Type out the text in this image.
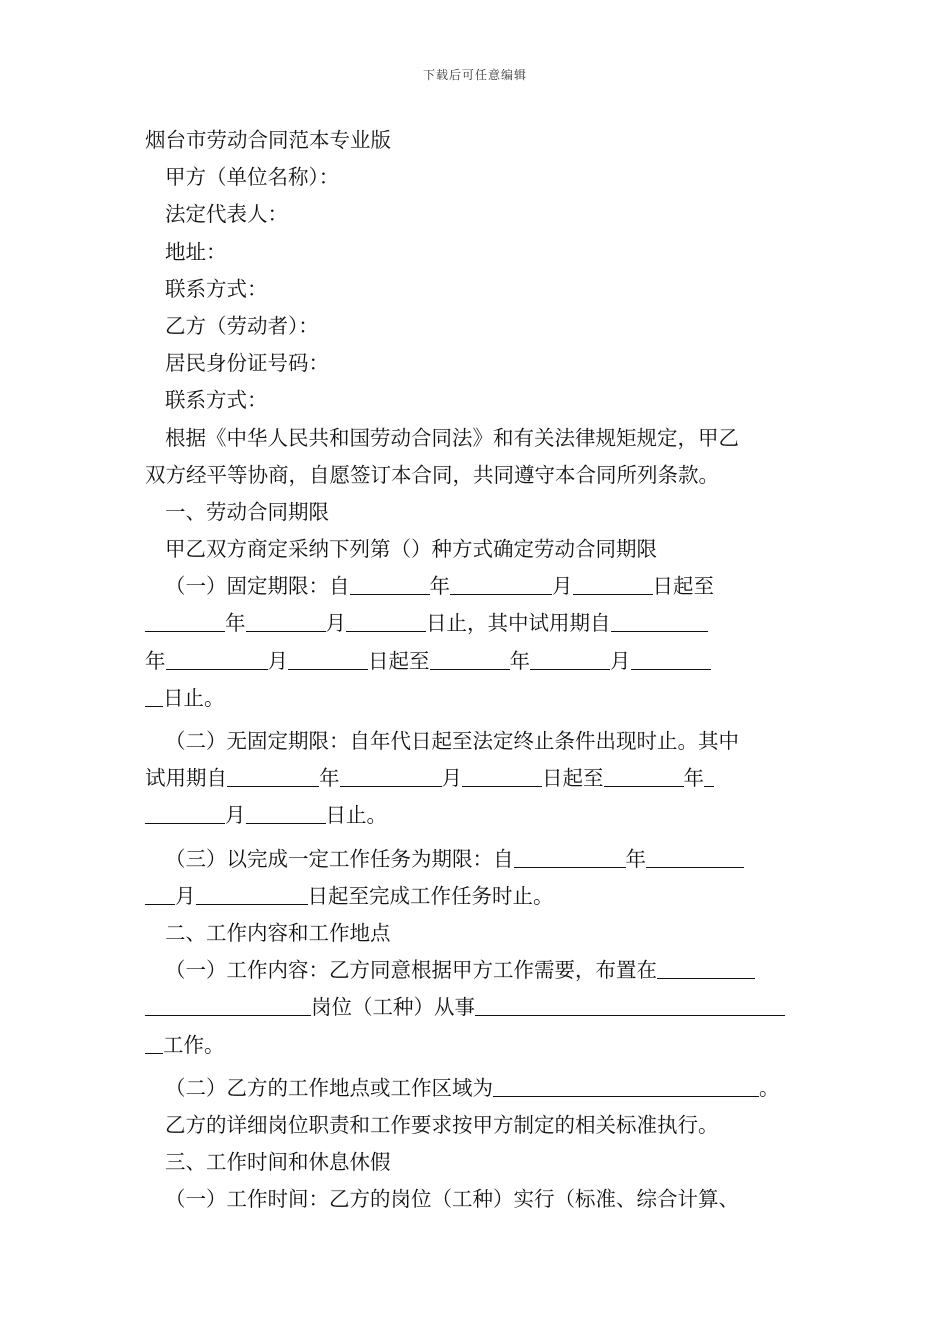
下载后可任意编辑
烟台市劳动合同范本专业版
甲方（单位名称）：
法定代表人：
地址：
联系方式：
乙方（劳动者）：
居民身份证号码：
联系方式：
根据《中华人民共和国劳动合同法》和有关法律规矩规定，甲乙
双方经平等协商，自愿签订本合同，共同遵守本合同所列条款。
一、劳动合同期限
甲乙双方商定采纳下列第（）种方式确定劳动合同期限
（一）固定期限：自	年	月	日起至
年	月	日止，其中试用期自
年	月	日起至	年	月
日止。
（二）无固定期限：自年代日起至法定终止条件出现时止。其中
试用期自	年	月	日起至	年
月	日止。
（三）以完成一定工作任务为期限：自	年
月	日起至完成工作任务时止。
二、工作内容和工作地点
（一）工作内容：乙方同意根据甲方工作需要，布置在
岗位（工种）从事
工作。
（二）乙方的工作地点或工作区域为	。
乙方的详细岗位职责和工作要求按甲方制定的相关标准执行。
三、工作时间和休息休假
（一）工作时间：乙方的岗位（工种）实行（标准、综合计算、
